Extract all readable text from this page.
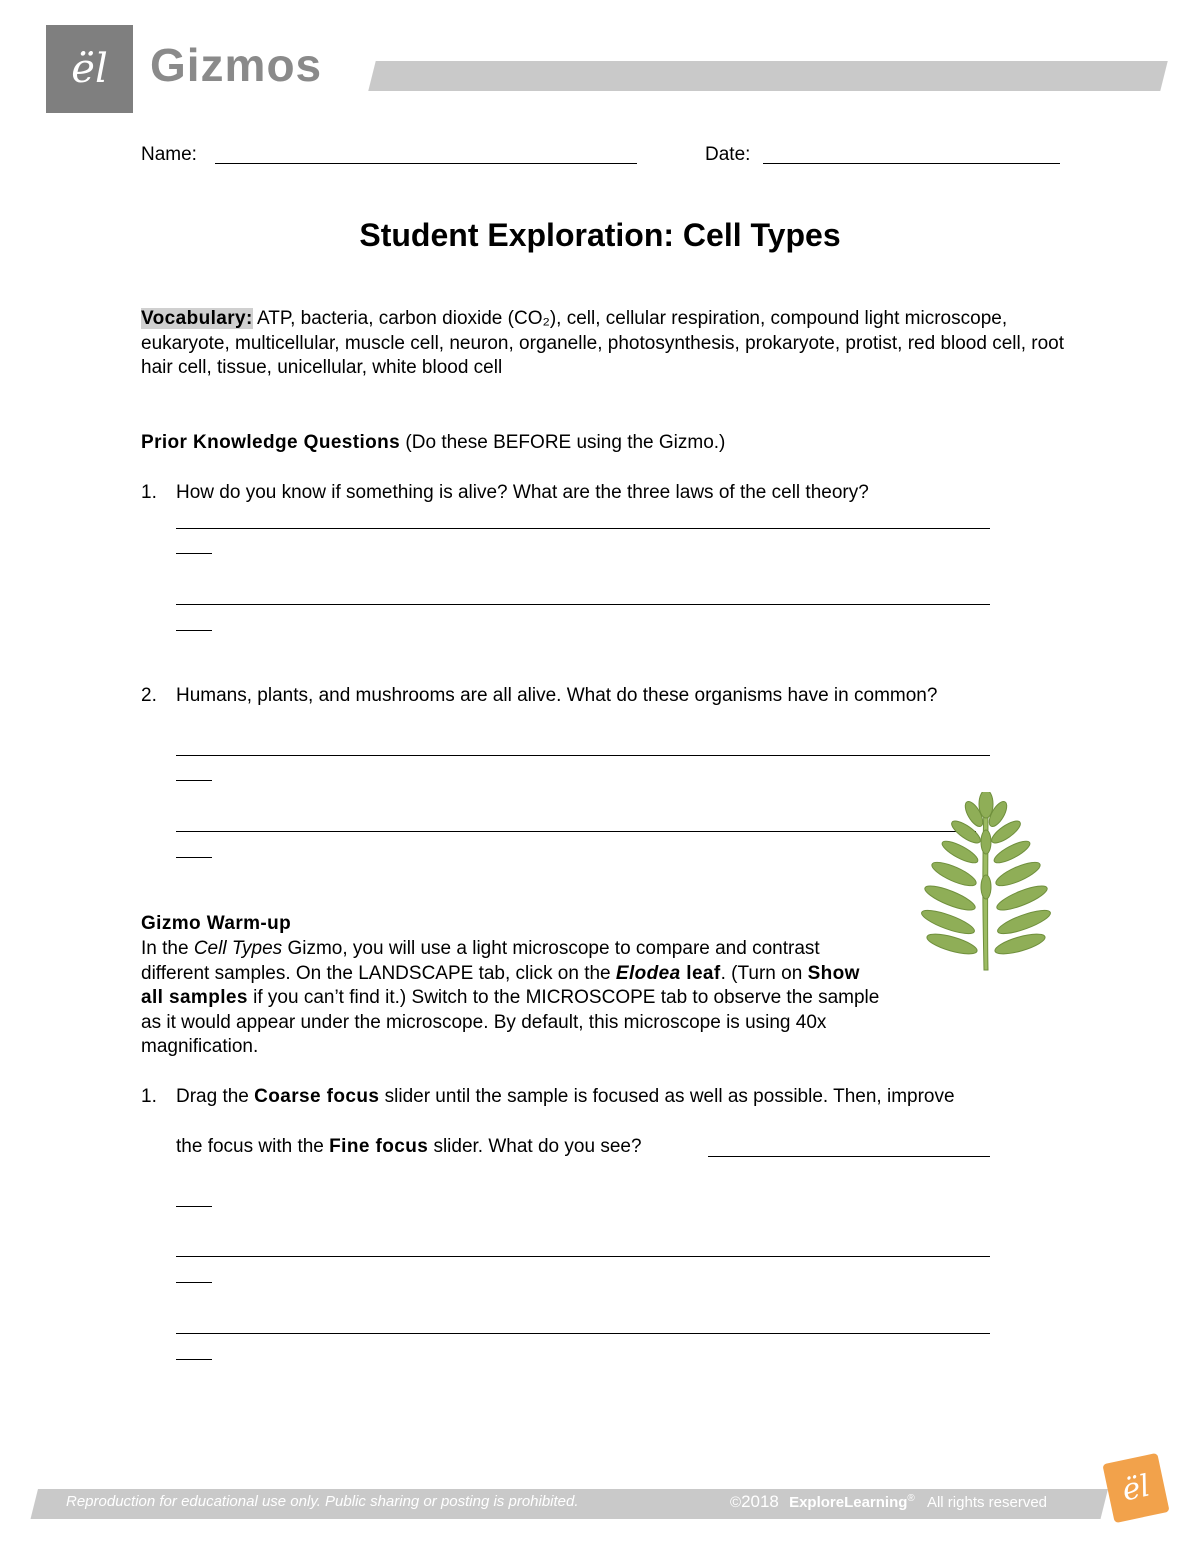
ël Gizmos
Name:	Date:
Student Exploration: Cell Types
Vocabulary: ATP, bacteria, carbon dioxide (CO₂), cell, cellular respiration, compound light microscope, eukaryote, multicellular, muscle cell, neuron, organelle, photosynthesis, prokaryote, protist, red blood cell, root hair cell, tissue, unicellular, white blood cell
Prior Knowledge Questions (Do these BEFORE using the Gizmo.)
1. How do you know if something is alive? What are the three laws of the cell theory?
2. Humans, plants, and mushrooms are all alive. What do these organisms have in common?
Gizmo Warm-up
In the Cell Types Gizmo, you will use a light microscope to compare and contrast different samples. On the LANDSCAPE tab, click on the Elodea leaf. (Turn on Show all samples if you can’t find it.) Switch to the MICROSCOPE tab to observe the sample as it would appear under the microscope. By default, this microscope is using 40x magnification.
1. Drag the Coarse focus slider until the sample is focused as well as possible. Then, improve
the focus with the Fine focus slider. What do you see?
Reproduction for educational use only. Public sharing or posting is prohibited.	©2018 ExploreLearning® All rights reserved	ël
